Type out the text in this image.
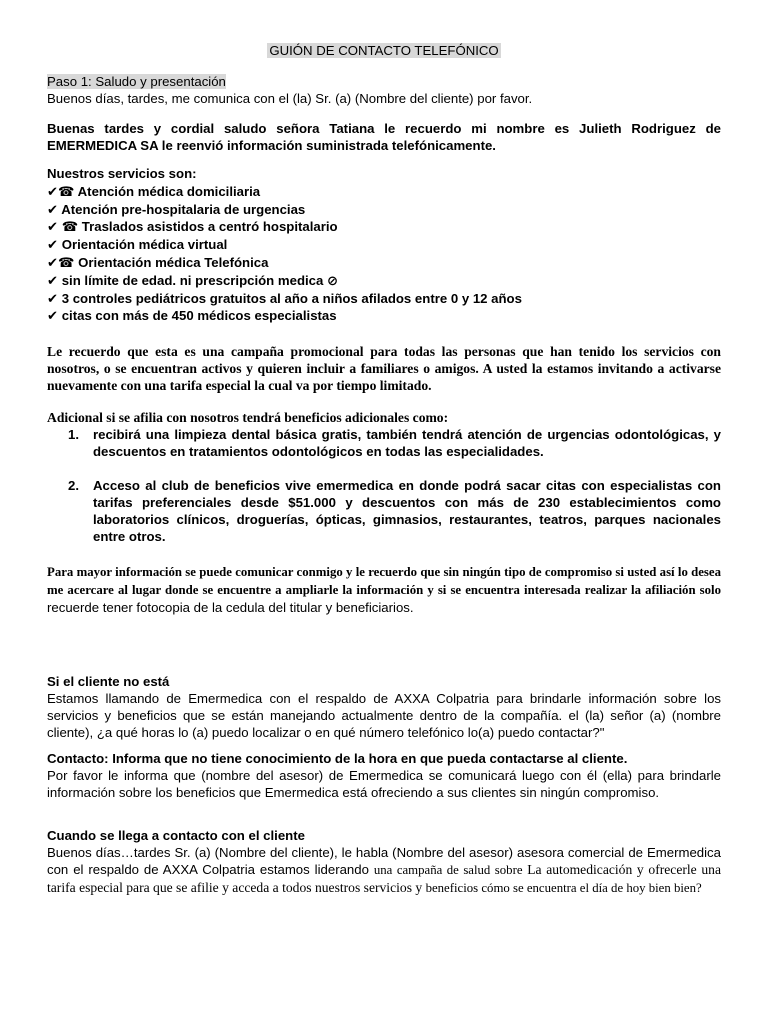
GUIÓN DE CONTACTO TELEFÓNICO
Paso 1: Saludo y presentación
Buenos días, tardes, me comunica con el (la) Sr. (a) (Nombre del cliente) por favor.
Buenas tardes y cordial saludo señora Tatiana le recuerdo mi nombre es Julieth Rodriguez de EMERMEDICA SA le reenvió información suministrada telefónicamente.
Nuestros servicios son:
✔☎ Atención médica domiciliaria
✔ Atención pre-hospitalaria de urgencias
✔ ☎ Traslados asistidos a centró hospitalario
✔ Orientación médica virtual
✔☎ Orientación médica Telefónica
✔ sin límite de edad. ni prescripción medica ⊘
✔ 3 controles pediátricos gratuitos al año a niños afilados entre 0 y 12 años
✔ citas con más de 450 médicos especialistas
Le recuerdo que esta es una campaña promocional para todas las personas que han tenido los servicios con nosotros, o se encuentran activos y quieren incluir a familiares o amigos. A usted la estamos invitando a activarse nuevamente con una tarifa especial la cual va por tiempo limitado.
Adicional si se afilia con nosotros tendrá beneficios adicionales como:
1.	recibirá una limpieza dental básica gratis, también tendrá atención de urgencias odontológicas, y descuentos en tratamientos odontológicos en todas las especialidades.
2.	Acceso al club de beneficios vive emermedica en donde podrá sacar citas con especialistas con tarifas preferenciales desde $51.000 y descuentos con más de 230 establecimientos como laboratorios clínicos, droguerías, ópticas, gimnasios, restaurantes, teatros, parques nacionales entre otros.
Para mayor información se puede comunicar conmigo y le recuerdo que sin ningún tipo de compromiso si usted así lo desea me acercare al lugar donde se encuentre a ampliarle la información y si se encuentra interesada realizar la afiliación solo recuerde tener fotocopia de la cedula del titular y beneficiarios.
Si el cliente no está
Estamos llamando de Emermedica con el respaldo de AXXA Colpatria para brindarle información sobre los servicios y beneficios que se están manejando actualmente dentro de la compañía. el (la) señor (a) (nombre cliente), ¿a qué horas lo (a) puedo localizar o en qué número telefónico lo(a) puedo contactar?"
Contacto: Informa que no tiene conocimiento de la hora en que pueda contactarse al cliente.
Por favor le informa que (nombre del asesor) de Emermedica se comunicará luego con él (ella) para brindarle información sobre los beneficios que Emermedica está ofreciendo a sus clientes sin ningún compromiso.
Cuando se llega a contacto con el cliente
Buenos días…tardes Sr. (a) (Nombre del cliente), le habla (Nombre del asesor) asesora comercial de Emermedica con el respaldo de AXXA Colpatria estamos liderando una campaña de salud sobre La automedicación y ofrecerle una tarifa especial para que se afilie y acceda a todos nuestros servicios y beneficios cómo se encuentra el día de hoy bien bien?
